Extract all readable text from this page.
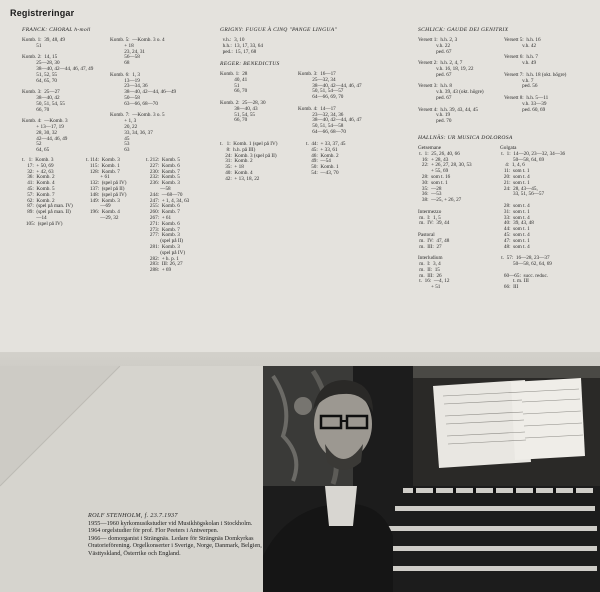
Registreringar
FRANCK: CHORAL h-moll
Komb. 1:  39, 48, 49
51

Komb. 2:  14, 15
25—28, 30
38—40, 42—44, 46, 47, 49
51, 52, 55
64, 65, 70

Komb. 3:  25—27
38—40, 42
50, 51, 54, 55
66, 70

Komb. 4:  —Komb. 3
+ 13—17, 19
28, 30, 32
42—44, 46, 49
52
64, 65
Komb. 5:  —Komb. 3 o. 4
+ 18
23, 24, 31
56—58
68

Komb. 6:  1, 3
13—19
23—34, 36
38—40, 42—44, 46—49
50—58
63—66, 68—70

Komb. 7:  —Komb. 3 o. 5
+ 1, 3
20, 22
33, 34, 36, 37
45
53
63
t.   1:  Komb. 3
17:  + 50, 69
32:  + 42, 63
36:  Komb. 2
41:  Komb. 4
45:  Komb. 5
57:  Komb. 7
62:  Komb. 2
87:  (spel på man. IV)
89:  (spel på man. II)
—14
105:  (spel på IV)
t. 114:  Komb. 3
115:  Komb. 1
128:  Komb. 7
+ 61
132:  (spel på IV)
137:  (spel på II)
148:  (spel på IV)
149:  Komb. 3
—69
196:  Komb. 4
—29, 32
t. 212:  Komb. 5
227:  Komb. 6
230:  Komb. 7
232:  Komb. 5
236:  Komb. 3
—58
244:  —68—70
247:  + 1, 4, 34, 63
255:  Komb. 6
260:  Komb. 7
267:  + 61
271:  Komb. 6
273:  Komb. 7
277:  Komb. 3
(spel på II)
281:  Komb. 3
(spel på IV)
282:  + h. p. 1
283:  III: 26, 27
288:  + 69
GRIGNY: FUGUE À CINQ "PANGE LINGUA"
v.h.:  3, 10
h.h.:  13, 17, 33, 64
ped.:  15, 17, 68
REGER: BENEDICTUS
Komb. 1:  28
40, 41
51
66, 70

Komb. 2:  25—28, 30
38—40, 43
51, 54, 55
66, 70
Komb. 3:  16—17
25—32, 34
38—40, 42—44, 46, 47
50, 51, 54—57
64—66, 69, 70

Komb. 4:  14—17
23—32, 34, 36
38—40, 42—44, 46, 47
50, 51, 54—58
64—66, 68—70
t.   1:  Komb. 1 (spel på IV)
8:  h.h. på III)
24:  Komb. 3 (spel på II)
31:  Komb. 2
35:  + 18
40:  Komb. 4
42:  + 13, 18, 22
t.  44:  + 33, 37, 45
45:  + 33, 61
46:  Komb. 2
49:  —54
50:  Komb. 1
54:  —43, 70
SCHLICK: GAUDE DEI GENITRIX
Versett 1:  h.h. 2, 3
v.h. 22
ped. 67

Versett 2:  h.h. 2, 4, 7
v.h. 16, 18, 19, 22
ped. 67

Versett 3:  h.h. 8
v.h. 39, 43 (okt. högre)
ped. 67

Versett 4:  h.h. 39, 43, 44, 45
v.h. 19
ped. 70
Versett 5:  h.h. 16
v.h. 42

Versett 6:  h.h. 7
v.h. 49

Versett 7:  h.h. 18 (okt. högre)
v.h. 7
ped. 56

Versett 8:  h.h. 5—11
v.h. 33—39
ped. 60, 69
HALLNÄS: UR MUSICA DOLOROSA
Getsemane
t.  1:  25, 26, 40, 66
16:  + 28, 43
22:  + 26, 27, 28, 30, 53
+ 55, 69
28:  som t. 16
30:  som t. 1
35:  —28
36:  —53
38:  —25, + 26, 27

Intermezzo
m.  I:  1, 5
m.  IV:  39, 44

Pastoral
m.  IV:  47, 48
m.  III:  27

Interludium
m.  I:  3, 4
m.  II:  15
m.  III:  26
t.  16:  —4, 12
+ 51
Golgata
t.  1:  14—20, 23—32, 34—36
50—58, 64, 69
4:  1, 4, 6
11:  som t. 1
20:  som t. 4
21:  som t. 1
24:  28, 43—45,
33, 51, 56—57

28:  som t. 4
31:  som t. 1
33:  som t. 4
40:  39, 43, 48
44:  som t. 1
45:  som t. 4
47:  som t. 1
48:  som t. 4

t.  57:  16—28, 23—37
50—58, 62, 64, 69

60—65:  succ. reduc.
t. m. III
66:  III
ROLF STENHOLM, f. 23.7.1937
1955—1960 kyrkomusikstudier vid Musikhögskolan i Stockholm.
1964 orgelstudier för prof. Flor Peeters i Antwerpen.
1966— domorganist i Strängnäs. Ledare för Strängnäs Domkyrkas Oratorieförening. Orgelkonserter i Sverige, Norge, Danmark, Belgien, Västtyskland, Österrike och England.
